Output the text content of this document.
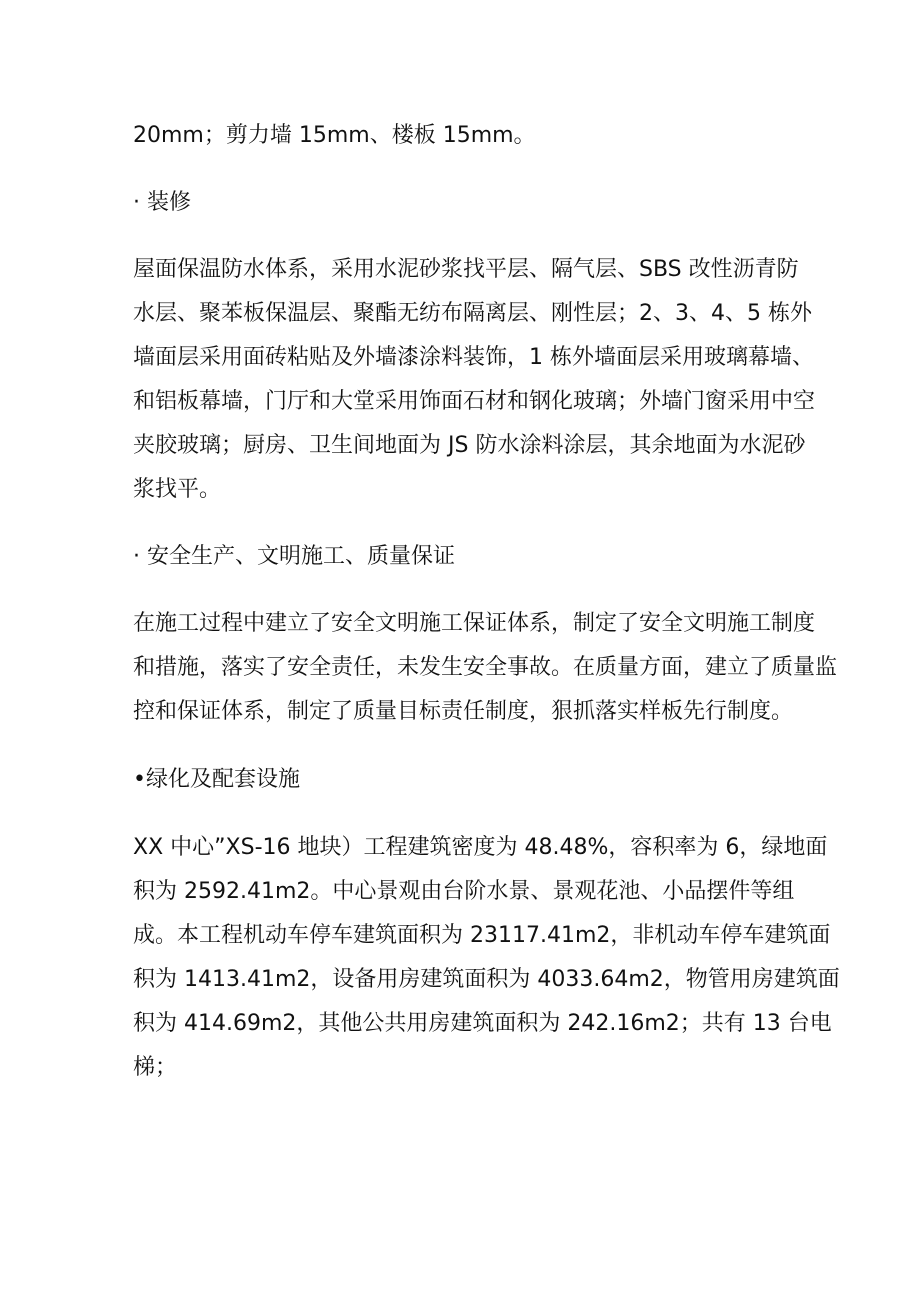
20mm；剪力墙 15mm、楼板 15mm。

· 装修

屋面保温防水体系，采用水泥砂浆找平层、隔气层、SBS 改性沥青防

水层、聚苯板保温层、聚酯无纺布隔离层、刚性层；2、3、4、5 栋外

墙面层采用面砖粘贴及外墙漆涂料装饰，1 栋外墙面层采用玻璃幕墙、

和铝板幕墙，门厅和大堂采用饰面石材和钢化玻璃；外墙门窗采用中空

夹胶玻璃；厨房、卫生间地面为 JS 防水涂料涂层，其余地面为水泥砂

浆找平。

· 安全生产、文明施工、质量保证

在施工过程中建立了安全文明施工保证体系，制定了安全文明施工制度

和措施，落实了安全责任，未发生安全事故。在质量方面，建立了质量监

控和保证体系，制定了质量目标责任制度，狠抓落实样板先行制度。

•绿化及配套设施

XX 中心”XS-16 地块）工程建筑密度为 48.48%，容积率为 6，绿地面

积为 2592.41m2。中心景观由台阶水景、景观花池、小品摆件等组

成。本工程机动车停车建筑面积为 23117.41m2，非机动车停车建筑面

积为 1413.41m2，设备用房建筑面积为 4033.64m2，物管用房建筑面

积为 414.69m2，其他公共用房建筑面积为 242.16m2；共有 13 台电

梯；
